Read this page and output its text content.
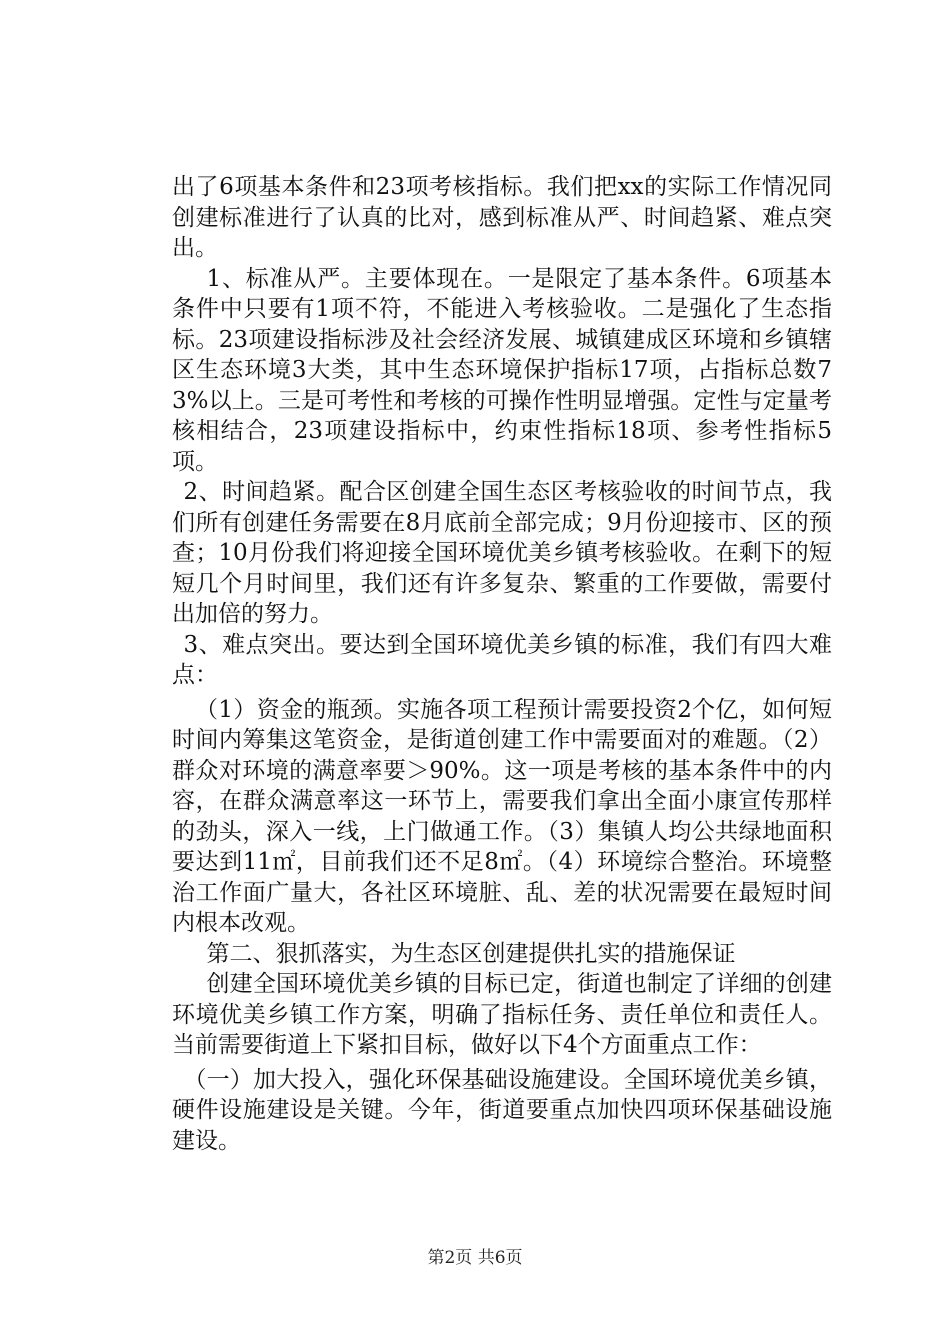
出了6项基本条件和23项考核指标。我们把xx的实际工作情况同创建标准进行了认真的比对，感到标准从严、时间趋紧、难点突出。

1、标准从严。主要体现在。一是限定了基本条件。6项基本条件中只要有1项不符，不能进入考核验收。二是强化了生态指标。23项建设指标涉及社会经济发展、城镇建成区环境和乡镇辖区生态环境3大类，其中生态环境保护指标17项，占指标总数73%以上。三是可考性和考核的可操作性明显增强。定性与定量考核相结合，23项建设指标中，约束性指标18项、参考性指标5项。

2、时间趋紧。配合区创建全国生态区考核验收的时间节点，我们所有创建任务需要在8月底前全部完成；9月份迎接市、区的预查；10月份我们将迎接全国环境优美乡镇考核验收。在剩下的短短几个月时间里，我们还有许多复杂、繁重的工作要做，需要付出加倍的努力。

3、难点突出。要达到全国环境优美乡镇的标准，我们有四大难点：

（1）资金的瓶颈。实施各项工程预计需要投资2个亿，如何短时间内筹集这笔资金，是街道创建工作中需要面对的难题。（2）群众对环境的满意率要＞90%。这一项是考核的基本条件中的内容，在群众满意率这一环节上，需要我们拿出全面小康宣传那样的劲头，深入一线，上门做通工作。（3）集镇人均公共绿地面积要达到11㎡，目前我们还不足8㎡。（4）环境综合整治。环境整治工作面广量大，各社区环境脏、乱、差的状况需要在最短时间内根本改观。

第二、狠抓落实，为生态区创建提供扎实的措施保证

创建全国环境优美乡镇的目标已定，街道也制定了详细的创建环境优美乡镇工作方案，明确了指标任务、责任单位和责任人。当前需要街道上下紧扣目标，做好以下4个方面重点工作：

（一）加大投入，强化环保基础设施建设。全国环境优美乡镇，硬件设施建设是关键。今年，街道要重点加快四项环保基础设施建设。

第2页 共6页
